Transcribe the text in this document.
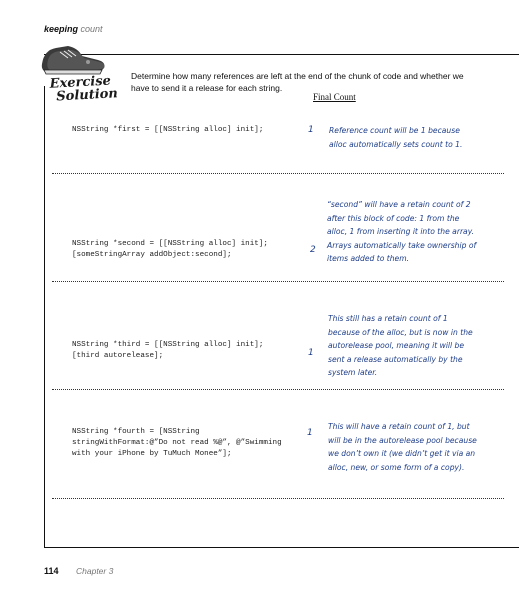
keeping count
Exercise
Solution
Determine how many references are left at the end of the chunk of code and whether we have to send it a release for each string.
Final Count
NSString *first = [[NSString alloc] init];	1 Reference count will be 1 because alloc automatically sets count to 1.
NSString *second = [[NSString alloc] init];
[someStringArray addObject:second];	2
“second” will have a retain count of 2 after this block of code: 1 from the alloc, 1 from inserting it into the array. Arrays automatically take ownership of items added to them.
NSString *third = [[NSString alloc] init];
[third autorelease];	1
This still has a retain count of 1 because of the alloc, but is now in the autorelease pool, meaning it will be sent a release automatically by the system later.
NSString *fourth = [NSString
stringWithFormat:@”Do not read %@”, @”Swimming
with your iPhone by TuMuch Monee”];
1
This will have a retain count of 1, but will be in the autorelease pool because we don’t own it (we didn’t get it via an alloc, new, or some form of a copy).
114 Chapter 3
